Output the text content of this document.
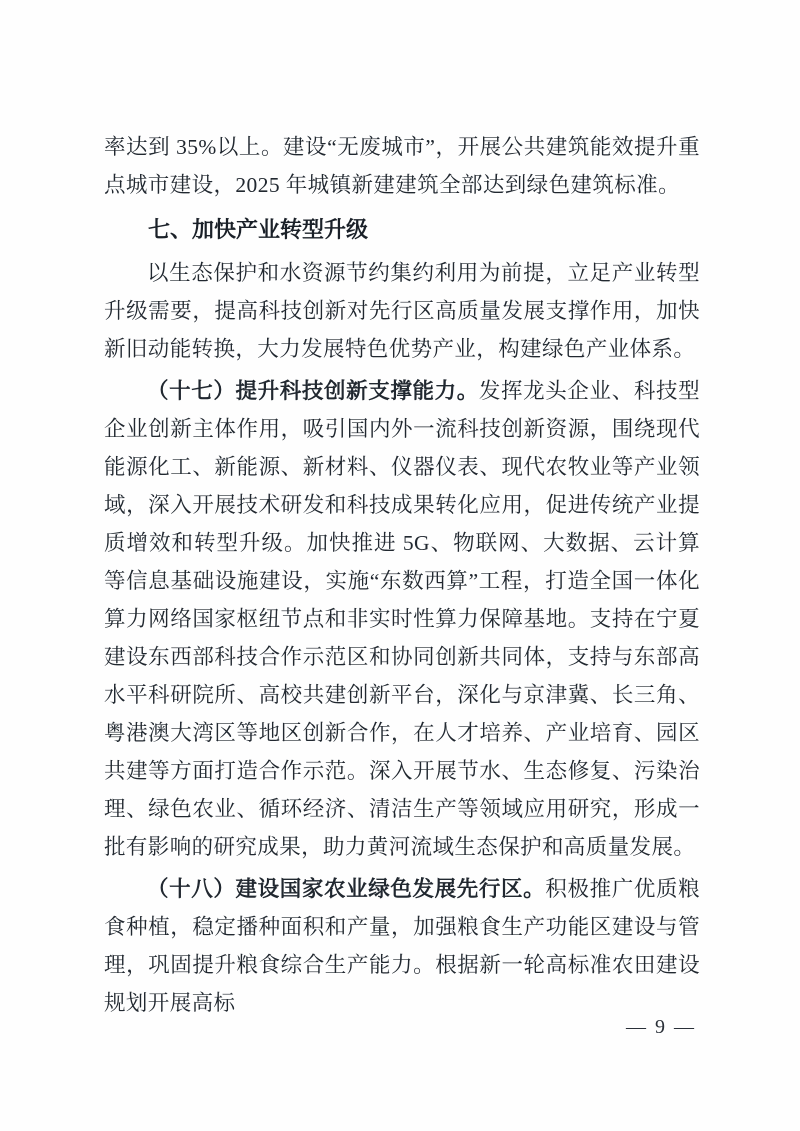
率达到 35%以上。建设“无废城市”，开展公共建筑能效提升重点城市建设，2025 年城镇新建建筑全部达到绿色建筑标准。

七、加快产业转型升级

以生态保护和水资源节约集约利用为前提，立足产业转型升级需要，提高科技创新对先行区高质量发展支撑作用，加快新旧动能转换，大力发展特色优势产业，构建绿色产业体系。

（十七）提升科技创新支撑能力。发挥龙头企业、科技型企业创新主体作用，吸引国内外一流科技创新资源，围绕现代能源化工、新能源、新材料、仪器仪表、现代农牧业等产业领域，深入开展技术研发和科技成果转化应用，促进传统产业提质增效和转型升级。加快推进 5G、物联网、大数据、云计算等信息基础设施建设，实施“东数西算”工程，打造全国一体化算力网络国家枢纽节点和非实时性算力保障基地。支持在宁夏建设东西部科技合作示范区和协同创新共同体，支持与东部高水平科研院所、高校共建创新平台，深化与京津冀、长三角、粤港澳大湾区等地区创新合作，在人才培养、产业培育、园区共建等方面打造合作示范。深入开展节水、生态修复、污染治理、绿色农业、循环经济、清洁生产等领域应用研究，形成一批有影响的研究成果，助力黄河流域生态保护和高质量发展。

（十八）建设国家农业绿色发展先行区。积极推广优质粮食种植，稳定播种面积和产量，加强粮食生产功能区建设与管理，巩固提升粮食综合生产能力。根据新一轮高标准农田建设规划开展高标

— 9 —
